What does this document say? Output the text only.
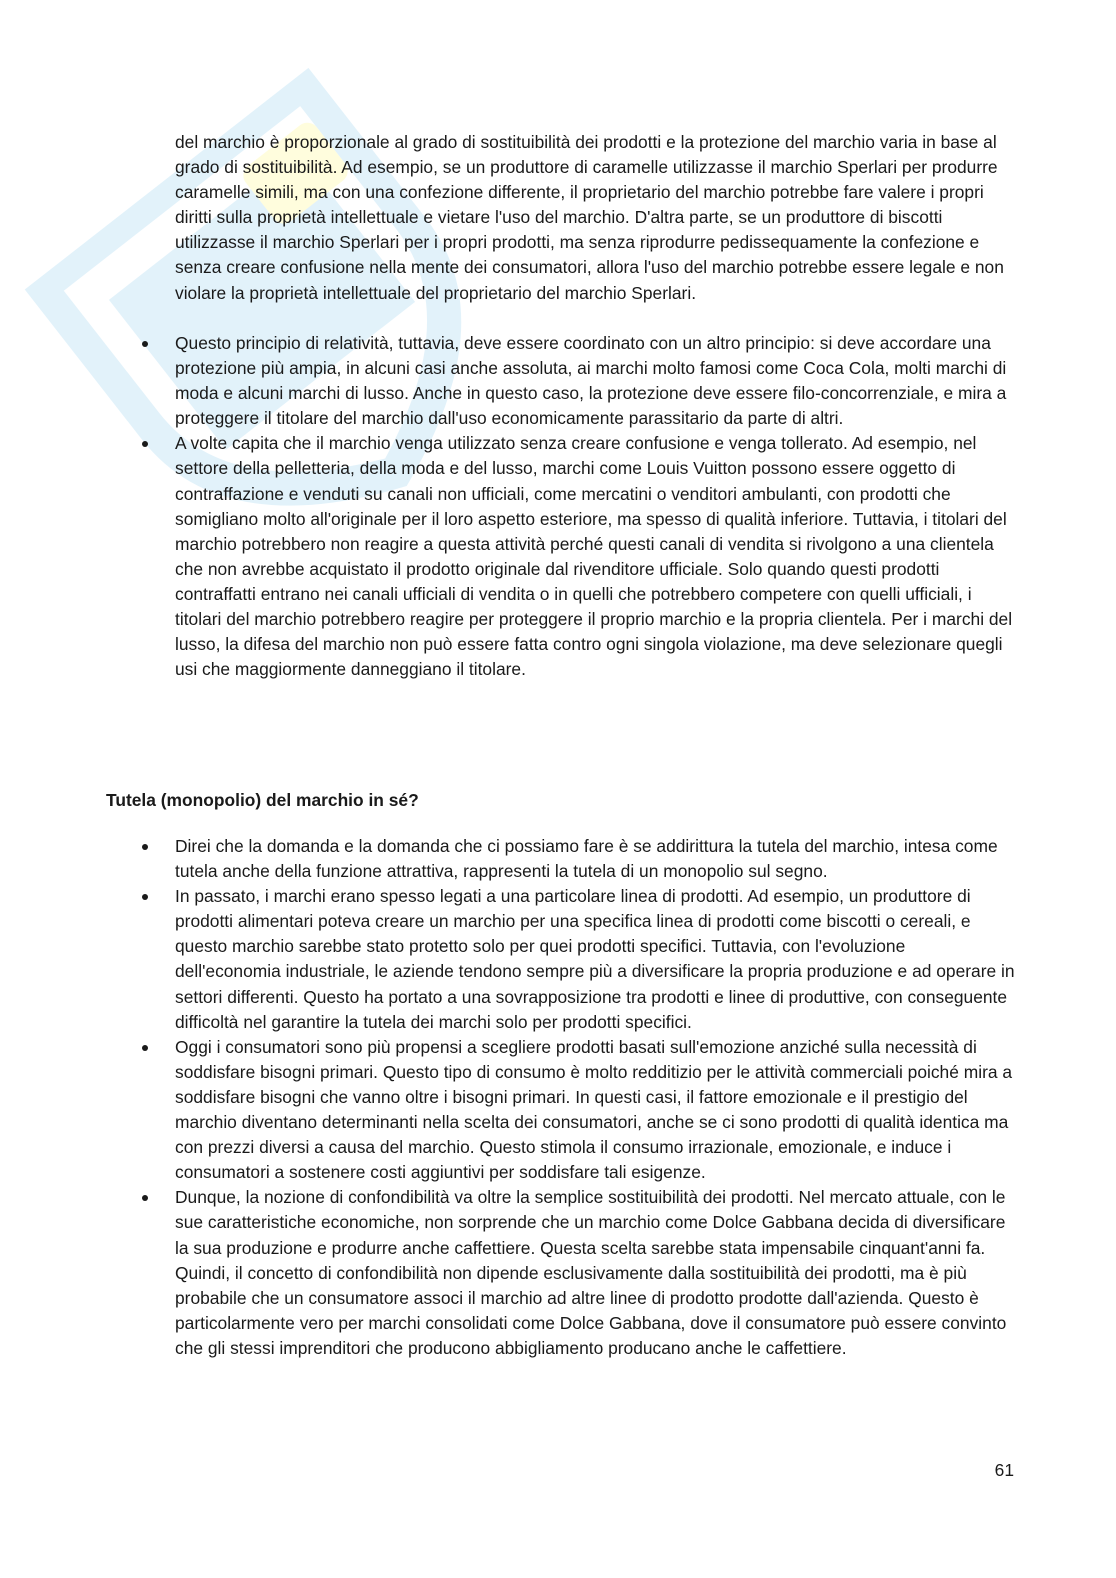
del marchio è proporzionale al grado di sostituibilità dei prodotti e la protezione del marchio varia in base al grado di sostituibilità. Ad esempio, se un produttore di caramelle utilizzasse il marchio Sperlari per produrre caramelle simili, ma con una confezione differente, il proprietario del marchio potrebbe fare valere i propri diritti sulla proprietà intellettuale e vietare l'uso del marchio. D'altra parte, se un produttore di biscotti utilizzasse il marchio Sperlari per i propri prodotti, ma senza riprodurre pedissequamente la confezione e senza creare confusione nella mente dei consumatori, allora l'uso del marchio potrebbe essere legale e non violare la proprietà intellettuale del proprietario del marchio Sperlari.

Questo principio di relatività, tuttavia, deve essere coordinato con un altro principio: si deve accordare una protezione più ampia, in alcuni casi anche assoluta, ai marchi molto famosi come Coca Cola, molti marchi di moda e alcuni marchi di lusso. Anche in questo caso, la protezione deve essere filo-concorrenziale, e mira a proteggere il titolare del marchio dall'uso economicamente parassitario da parte di altri.
A volte capita che il marchio venga utilizzato senza creare confusione e venga tollerato. Ad esempio, nel settore della pelletteria, della moda e del lusso, marchi come Louis Vuitton possono essere oggetto di contraffazione e venduti su canali non ufficiali, come mercatini o venditori ambulanti, con prodotti che somigliano molto all'originale per il loro aspetto esteriore, ma spesso di qualità inferiore. Tuttavia, i titolari del marchio potrebbero non reagire a questa attività perché questi canali di vendita si rivolgono a una clientela che non avrebbe acquistato il prodotto originale dal rivenditore ufficiale. Solo quando questi prodotti contraffatti entrano nei canali ufficiali di vendita o in quelli che potrebbero competere con quelli ufficiali, i titolari del marchio potrebbero reagire per proteggere il proprio marchio e la propria clientela. Per i marchi del lusso, la difesa del marchio non può essere fatta contro ogni singola violazione, ma deve selezionare quegli usi che maggiormente danneggiano il titolare.
Tutela (monopolio) del marchio in sé?
Direi che la domanda e la domanda che ci possiamo fare è se addirittura la tutela del marchio, intesa come tutela anche della funzione attrattiva, rappresenti la tutela di un monopolio sul segno.
In passato, i marchi erano spesso legati a una particolare linea di prodotti. Ad esempio, un produttore di prodotti alimentari poteva creare un marchio per una specifica linea di prodotti come biscotti o cereali, e questo marchio sarebbe stato protetto solo per quei prodotti specifici. Tuttavia, con l'evoluzione dell'economia industriale, le aziende tendono sempre più a diversificare la propria produzione e ad operare in settori differenti. Questo ha portato a una sovrapposizione tra prodotti e linee di produttive, con conseguente difficoltà nel garantire la tutela dei marchi solo per prodotti specifici.
Oggi i consumatori sono più propensi a scegliere prodotti basati sull'emozione anziché sulla necessità di soddisfare bisogni primari. Questo tipo di consumo è molto redditizio per le attività commerciali poiché mira a soddisfare bisogni che vanno oltre i bisogni primari. In questi casi, il fattore emozionale e il prestigio del marchio diventano determinanti nella scelta dei consumatori, anche se ci sono prodotti di qualità identica ma con prezzi diversi a causa del marchio. Questo stimola il consumo irrazionale, emozionale, e induce i consumatori a sostenere costi aggiuntivi per soddisfare tali esigenze.
Dunque, la nozione di confondibilità va oltre la semplice sostituibilità dei prodotti. Nel mercato attuale, con le sue caratteristiche economiche, non sorprende che un marchio come Dolce Gabbana decida di diversificare la sua produzione e produrre anche caffettiere. Questa scelta sarebbe stata impensabile cinquant'anni fa. Quindi, il concetto di confondibilità non dipende esclusivamente dalla sostituibilità dei prodotti, ma è più probabile che un consumatore associ il marchio ad altre linee di prodotto prodotte dall'azienda. Questo è particolarmente vero per marchi consolidati come Dolce Gabbana, dove il consumatore può essere convinto che gli stessi imprenditori che producono abbigliamento producano anche le caffettiere.
61
